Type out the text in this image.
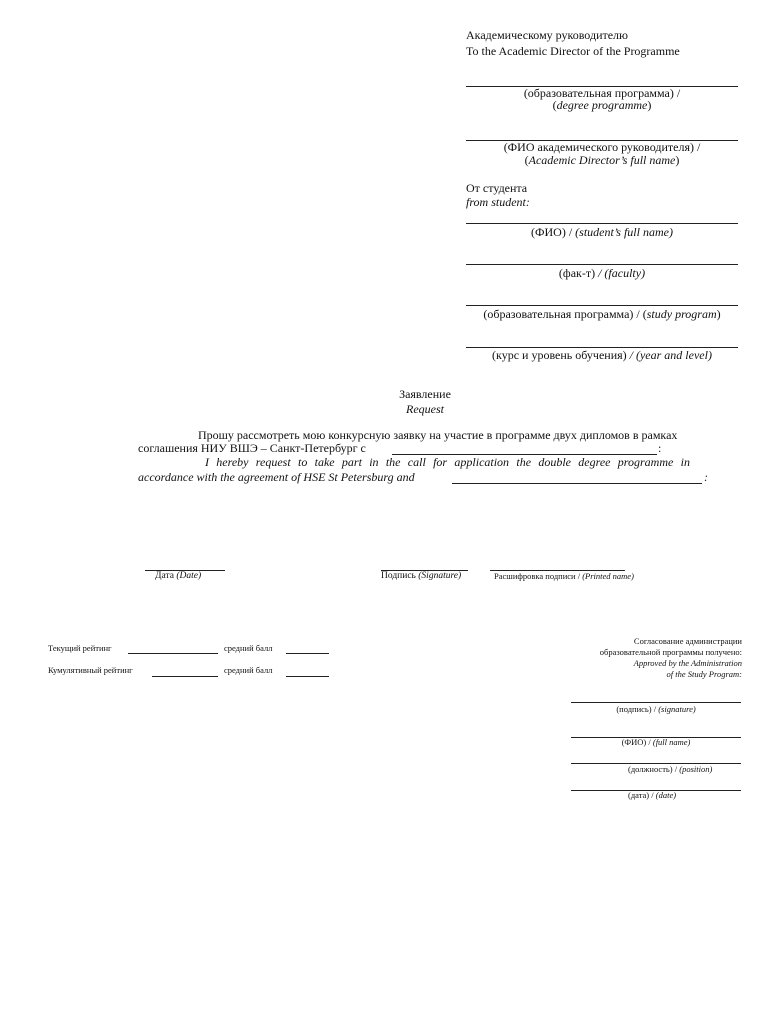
Академическому руководителю
To the Academic Director of the Programme
(образовательная программа) /
(degree programme)
(ФИО академического руководителя) /
(Academic Director’s full name)
От студента
from student:
(ФИО) / (student’s full name)
(фак-т) / (faculty)
(образовательная программа) / (study program)
(курс и уровень обучения) / (year and level)
Заявление
Request
Прошу рассмотреть мою конкурсную заявку на участие в программе двух дипломов в рамках
соглашения НИУ ВШЭ – Санкт-Петербург с	:
I hereby request to take part in the call for application the double degree programme in
accordance with the agreement of HSE St Petersburg and	:
Дата (Date)	Подпись (Signature)	Расшифровка подписи / (Printed name)
Текущий рейтинг	средний балл
Кумулятивный рейтинг	средний балл
Согласование администрации
образовательной программы получено:
Approved by the Administration
of the Study Program:
(подпись) / (signature)
(ФИО) / (full name)
(должность) / (position)
(дата) / (date)
